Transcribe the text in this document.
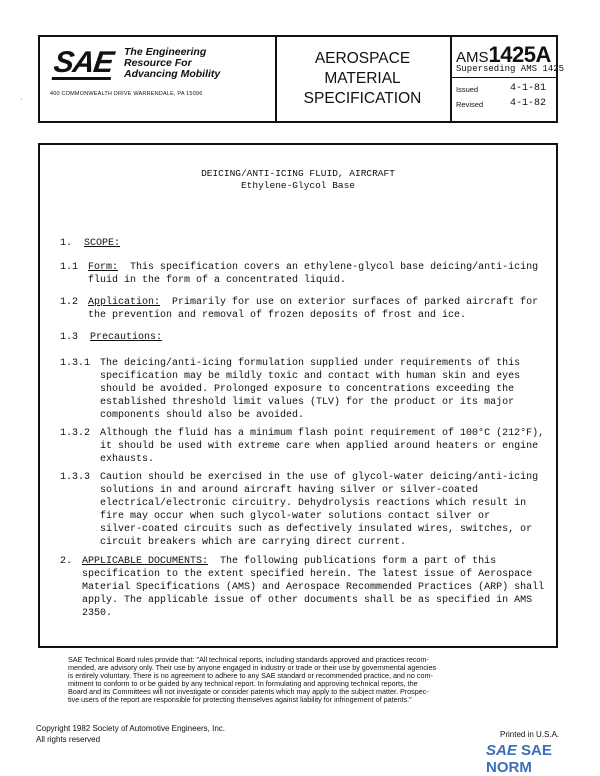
SAE The Engineering
Resource For
Advancing Mobility
400 COMMONWEALTH DRIVE WARRENDALE, PA 15096
AEROSPACE
MATERIAL
SPECIFICATION
AMS1425A
Superseding AMS 1425
Issued	4-1-81
Revised	4-1-82
·
DEICING/ANTI-ICING FLUID, AIRCRAFT
Ethylene-Glycol Base
1. SCOPE:
1.1 Form: This specification covers an ethylene-glycol base deicing/anti-icing
fluid in the form of a concentrated liquid.
1.2 Application: Primarily for use on exterior surfaces of parked aircraft for
the prevention and removal of frozen deposits of frost and ice.
1.3 Precautions:
1.3.1 The deicing/anti-icing formulation supplied under requirements of this
specification may be mildly toxic and contact with human skin and eyes
should be avoided. Prolonged exposure to concentrations exceeding the
established threshold limit values (TLV) for the product or its major
components should also be avoided.
1.3.2 Although the fluid has a minimum flash point requirement of 100°C (212°F),
it should be used with extreme care when applied around heaters or engine
exhausts.
1.3.3 Caution should be exercised in the use of glycol-water deicing/anti-icing
solutions in and around aircraft having silver or silver-coated
electrical/electronic circuitry. Dehydrolysis reactions which result in
fire may occur when such glycol-water solutions contact silver or
silver-coated circuits such as defectively insulated wires, switches, or
circuit breakers which are carrying direct current.
2. APPLICABLE DOCUMENTS: The following publications form a part of this
specification to the extent specified herein. The latest issue of Aerospace
Material Specifications (AMS) and Aerospace Recommended Practices (ARP) shall
apply. The applicable issue of other documents shall be as specified in AMS
2350.
SAE Technical Board rules provide that: "All technical reports, including standards approved and practices recom-
mended, are advisory only. Their use by anyone engaged in industry or trade or their use by governmental agencies
is entirely voluntary. There is no agreement to adhere to any SAE standard or recommended practice, and no com-
mitment to conform to or be guided by any technical report. In formulating and approving technical reports, the
Board and its Committees will not investigate or consider patents which may apply to the subject matter. Prospec-
tive users of the report are responsible for protecting themselves against liability for infringement of patents."
Copyright 1982 Society of Automotive Engineers, Inc.
All rights reserved
Printed in U.S.A.
SAE SAE NORM
